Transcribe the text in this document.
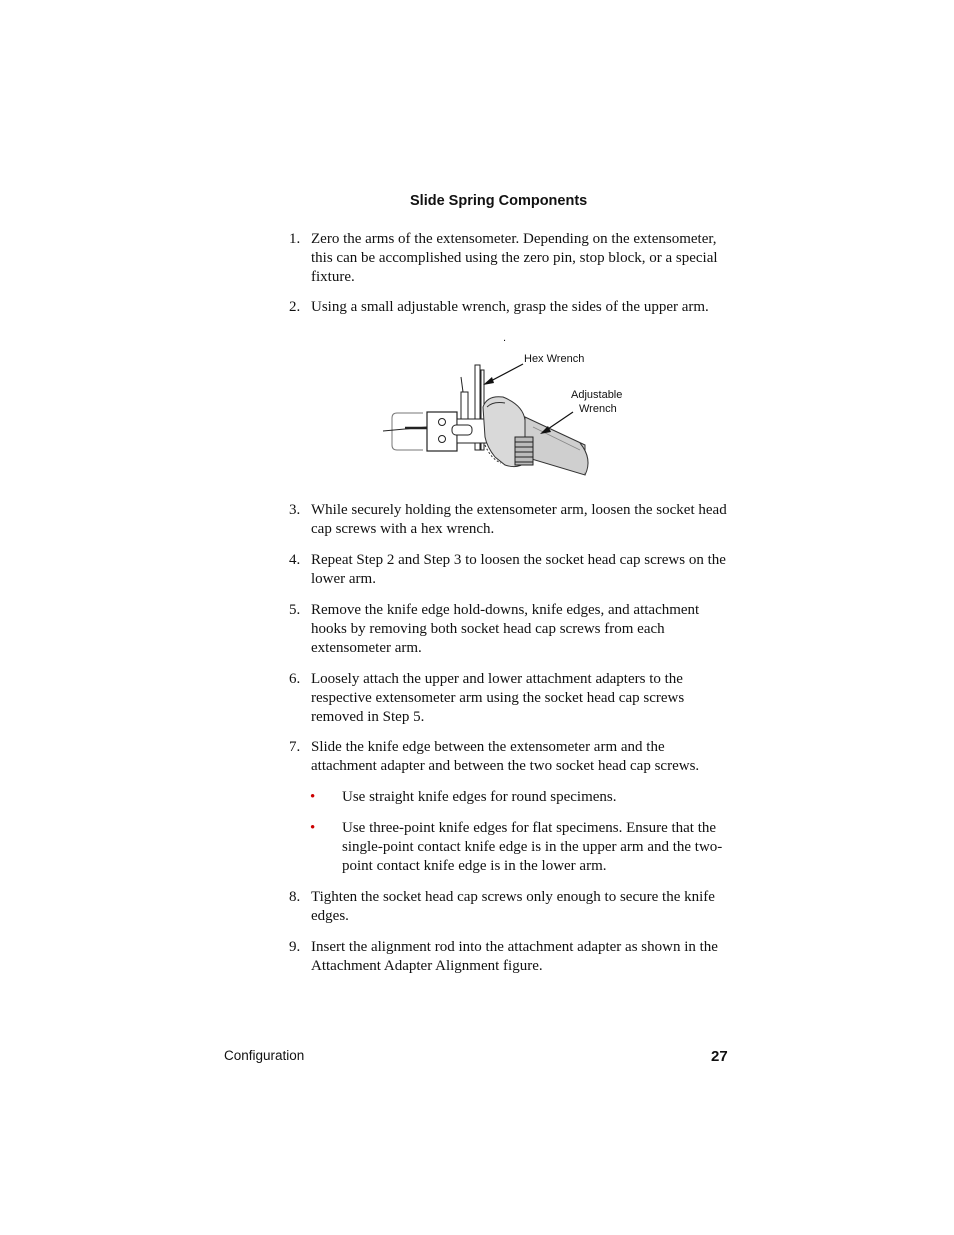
Slide Spring Components
1. Zero the arms of the extensometer. Depending on the extensometer, this can be accomplished using the zero pin, stop block, or a special fixture.
2. Using a small adjustable wrench, grasp the sides of the upper arm.
.
Hex Wrench
Adjustable
Wrench
3. While securely holding the extensometer arm, loosen the socket head cap screws with a hex wrench.
4. Repeat Step 2 and Step 3 to loosen the socket head cap screws on the lower arm.
5. Remove the knife edge hold-downs, knife edges, and attachment hooks by removing both socket head cap screws from each extensometer arm.
6. Loosely attach the upper and lower attachment adapters to the respective extensometer arm using the socket head cap screws removed in Step 5.
7. Slide the knife edge between the extensometer arm and the attachment adapter and between the two socket head cap screws.
• Use straight knife edges for round specimens.
• Use three-point knife edges for flat specimens. Ensure that the single-point contact knife edge is in the upper arm and the two-point contact knife edge is in the lower arm.
8. Tighten the socket head cap screws only enough to secure the knife edges.
9. Insert the alignment rod into the attachment adapter as shown in the Attachment Adapter Alignment figure.
Configuration	27
